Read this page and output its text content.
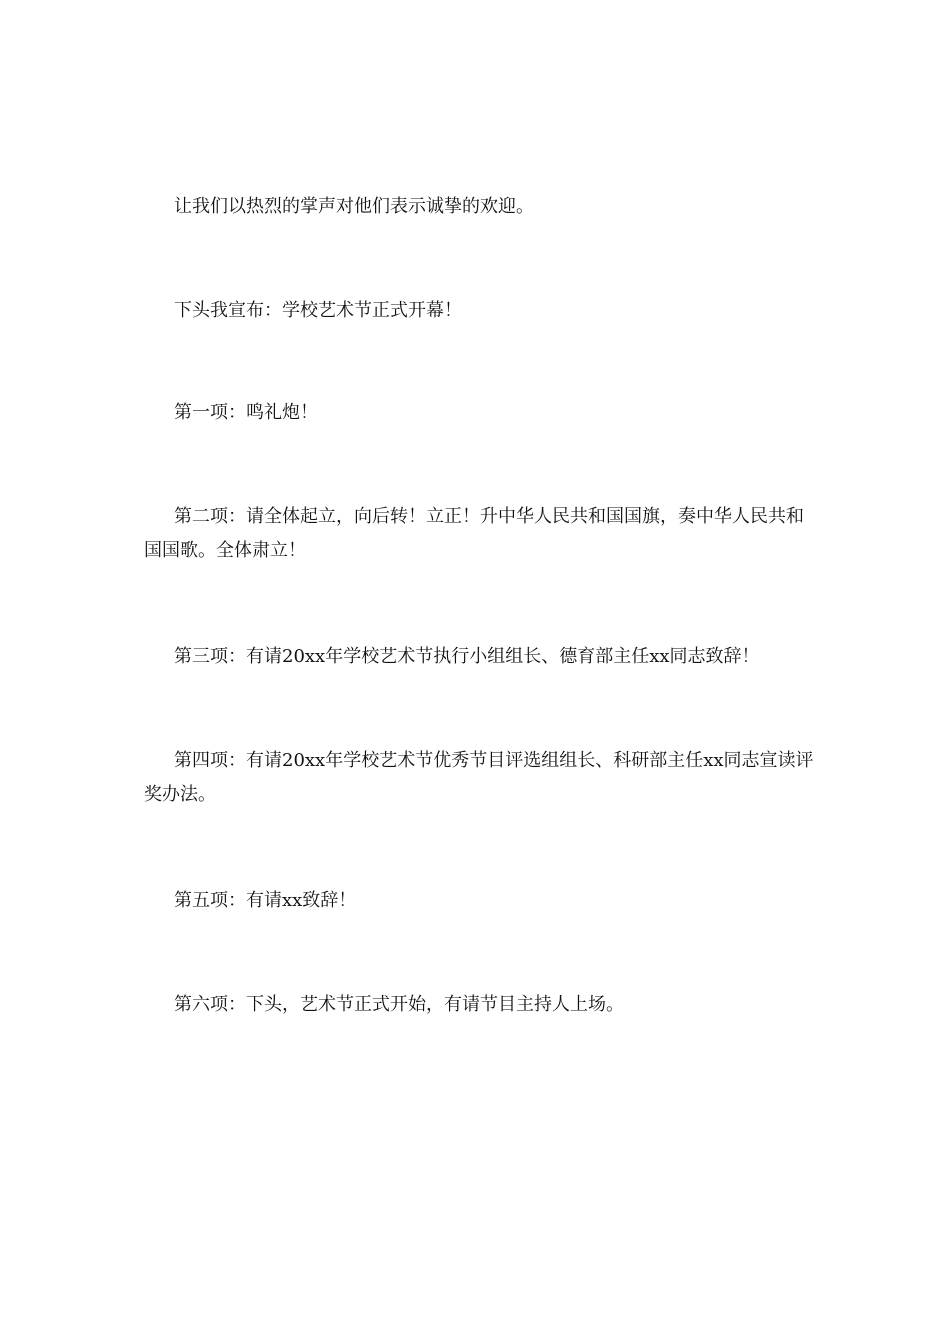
让我们以热烈的掌声对他们表示诚挚的欢迎。

下头我宣布：学校艺术节正式开幕！

第一项：鸣礼炮！

第二项：请全体起立，向后转！立正！升中华人民共和国国旗，奏中华人民共和国国歌。全体肃立！

第三项：有请20xx年学校艺术节执行小组组长、德育部主任xx同志致辞！

第四项：有请20xx年学校艺术节优秀节目评选组组长、科研部主任xx同志宣读评奖办法。

第五项：有请xx致辞！

第六项：下头，艺术节正式开始，有请节目主持人上场。
